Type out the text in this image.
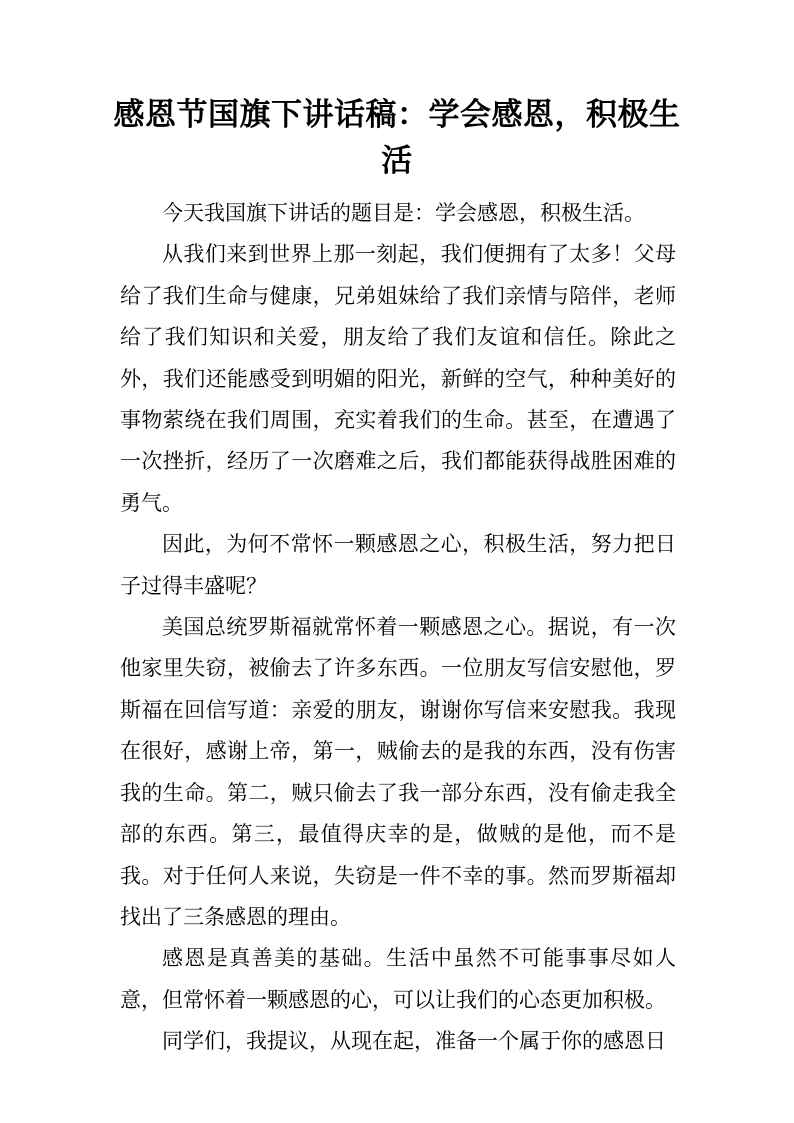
感恩节国旗下讲话稿：学会感恩，积极生活

今天我国旗下讲话的题目是：学会感恩，积极生活。

从我们来到世界上那一刻起，我们便拥有了太多！父母给了我们生命与健康，兄弟姐妹给了我们亲情与陪伴，老师给了我们知识和关爱，朋友给了我们友谊和信任。除此之外，我们还能感受到明媚的阳光，新鲜的空气，种种美好的事物萦绕在我们周围，充实着我们的生命。甚至，在遭遇了一次挫折，经历了一次磨难之后，我们都能获得战胜困难的勇气。

因此，为何不常怀一颗感恩之心，积极生活，努力把日子过得丰盛呢？

美国总统罗斯福就常怀着一颗感恩之心。据说，有一次他家里失窃，被偷去了许多东西。一位朋友写信安慰他，罗斯福在回信写道：亲爱的朋友，谢谢你写信来安慰我。我现在很好，感谢上帝，第一，贼偷去的是我的东西，没有伤害我的生命。第二，贼只偷去了我一部分东西，没有偷走我全部的东西。第三，最值得庆幸的是，做贼的是他，而不是我。对于任何人来说，失窃是一件不幸的事。然而罗斯福却找出了三条感恩的理由。

感恩是真善美的基础。生活中虽然不可能事事尽如人意，但常怀着一颗感恩的心，可以让我们的心态更加积极。

同学们，我提议，从现在起，准备一个属于你的感恩日
